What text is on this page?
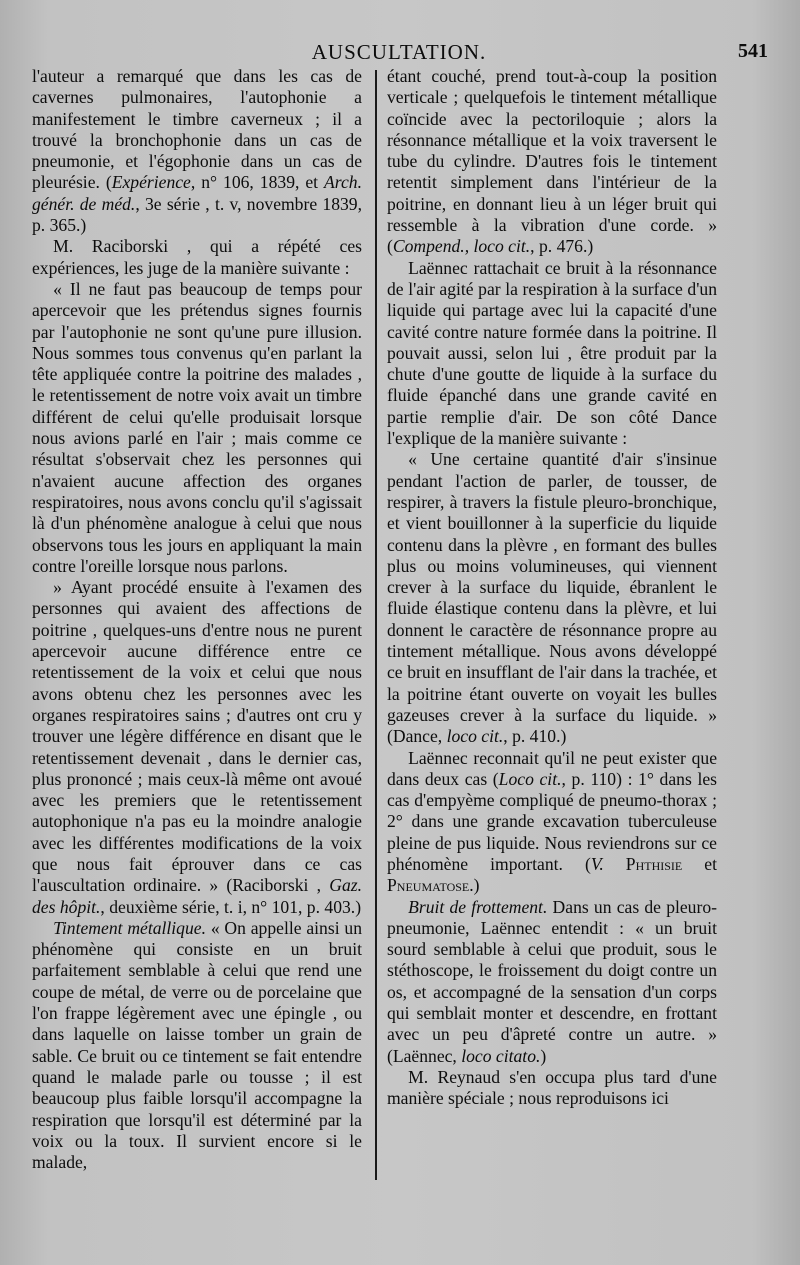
AUSCULTATION.	541

l'auteur a remarqué que dans les cas de cavernes pulmonaires, l'autophonie a manifestement le timbre caverneux ; il a trouvé la bronchophonie dans un cas de pneumonie, et l'égophonie dans un cas de pleurésie. (Expérience, n° 106, 1839, et Arch. génér. de méd., 3e série , t. v, novembre 1839, p. 365.)

M. Raciborski , qui a répété ces expériences, les juge de la manière suivante :

« Il ne faut pas beaucoup de temps pour apercevoir que les prétendus signes fournis par l'autophonie ne sont qu'une pure illusion. Nous sommes tous convenus qu'en parlant la tête appliquée contre la poitrine des malades , le retentissement de notre voix avait un timbre différent de celui qu'elle produisait lorsque nous avions parlé en l'air ; mais comme ce résultat s'observait chez les personnes qui n'avaient aucune affection des organes respiratoires, nous avons conclu qu'il s'agissait là d'un phénomène analogue à celui que nous observons tous les jours en appliquant la main contre l'oreille lorsque nous parlons.

» Ayant procédé ensuite à l'examen des personnes qui avaient des affections de poitrine , quelques-uns d'entre nous ne purent apercevoir aucune différence entre ce retentissement de la voix et celui que nous avons obtenu chez les personnes avec les organes respiratoires sains ; d'autres ont cru y trouver une légère différence en disant que le retentissement devenait , dans le dernier cas, plus prononcé ; mais ceux-là même ont avoué avec les premiers que le retentissement autophonique n'a pas eu la moindre analogie avec les différentes modifications de la voix que nous fait éprouver dans ce cas l'auscultation ordinaire. » (Raciborski , Gaz. des hôpit., deuxième série, t. i, n° 101, p. 403.)

Tintement métallique. « On appelle ainsi un phénomène qui consiste en un bruit parfaitement semblable à celui que rend une coupe de métal, de verre ou de porcelaine que l'on frappe légèrement avec une épingle , ou dans laquelle on laisse tomber un grain de sable. Ce bruit ou ce tintement se fait entendre quand le malade parle ou tousse ; il est beaucoup plus faible lorsqu'il accompagne la respiration que lorsqu'il est déterminé par la voix ou la toux. Il survient encore si le malade,

étant couché, prend tout-à-coup la position verticale ; quelquefois le tintement métallique coïncide avec la pectoriloquie ; alors la résonnance métallique et la voix traversent le tube du cylindre. D'autres fois le tintement retentit simplement dans l'intérieur de la poitrine, en donnant lieu à un léger bruit qui ressemble à la vibration d'une corde. » (Compend., loco cit., p. 476.)

Laënnec rattachait ce bruit à la résonnance de l'air agité par la respiration à la surface d'un liquide qui partage avec lui la capacité d'une cavité contre nature formée dans la poitrine. Il pouvait aussi, selon lui , être produit par la chute d'une goutte de liquide à la surface du fluide épanché dans une grande cavité en partie remplie d'air. De son côté Dance l'explique de la manière suivante :

« Une certaine quantité d'air s'insinue pendant l'action de parler, de tousser, de respirer, à travers la fistule pleuro-bronchique, et vient bouillonner à la superficie du liquide contenu dans la plèvre , en formant des bulles plus ou moins volumineuses, qui viennent crever à la surface du liquide, ébranlent le fluide élastique contenu dans la plèvre, et lui donnent le caractère de résonnance propre au tintement métallique. Nous avons développé ce bruit en insufflant de l'air dans la trachée, et la poitrine étant ouverte on voyait les bulles gazeuses crever à la surface du liquide. » (Dance, loco cit., p. 410.)

Laënnec reconnait qu'il ne peut exister que dans deux cas (Loco cit., p. 110) : 1° dans les cas d'empyème compliqué de pneumo-thorax ; 2° dans une grande excavation tuberculeuse pleine de pus liquide. Nous reviendrons sur ce phénomène important. (V. Phthisie et Pneumatose.)

Bruit de frottement. Dans un cas de pleuro-pneumonie, Laënnec entendit : « un bruit sourd semblable à celui que produit, sous le stéthoscope, le froissement du doigt contre un os, et accompagné de la sensation d'un corps qui semblait monter et descendre, en frottant avec un peu d'âpreté contre un autre. » (Laënnec, loco citato.)

M. Reynaud s'en occupa plus tard d'une manière spéciale ; nous reproduisons ici
